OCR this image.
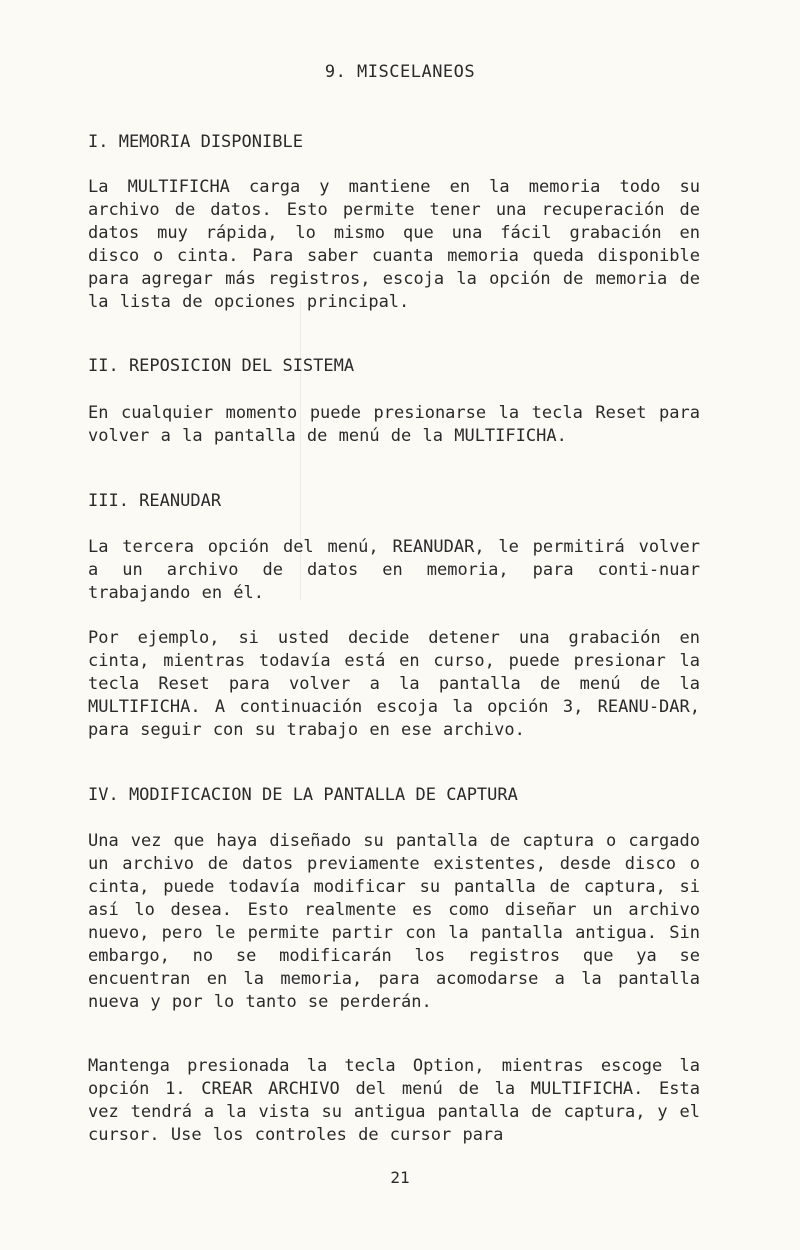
9. MISCELANEOS
I. MEMORIA DISPONIBLE

La MULTIFICHA carga y mantiene en la memoria todo su archivo de datos. Esto permite tener una recuperación de datos muy rápida, lo mismo que una fácil grabación en disco o cinta. Para saber cuanta memoria queda disponible para agregar más registros, escoja la opción de memoria de la lista de opciones principal.

II. REPOSICION DEL SISTEMA

En cualquier momento puede presionarse la tecla Reset para volver a la pantalla de menú de la MULTIFICHA.

III. REANUDAR

La tercera opción del menú, REANUDAR, le permitirá volver a un archivo de datos en memoria, para conti-nuar trabajando en él.

Por ejemplo, si usted decide detener una grabación en cinta, mientras todavía está en curso, puede presionar la tecla Reset para volver a la pantalla de menú de la MULTIFICHA. A continuación escoja la opción 3, REANU-DAR, para seguir con su trabajo en ese archivo.

IV. MODIFICACION DE LA PANTALLA DE CAPTURA

Una vez que haya diseñado su pantalla de captura o cargado un archivo de datos previamente existentes, desde disco o cinta, puede todavía modificar su pantalla de captura, si así lo desea. Esto realmente es como diseñar un archivo nuevo, pero le permite partir con la pantalla antigua. Sin embargo, no se modificarán los registros que ya se encuentran en la memoria, para acomodarse a la pantalla nueva y por lo tanto se perderán.

Mantenga presionada la tecla Option, mientras escoge la opción 1. CREAR ARCHIVO del menú de la MULTIFICHA. Esta vez tendrá a la vista su antigua pantalla de captura, y el cursor. Use los controles de cursor para

21
